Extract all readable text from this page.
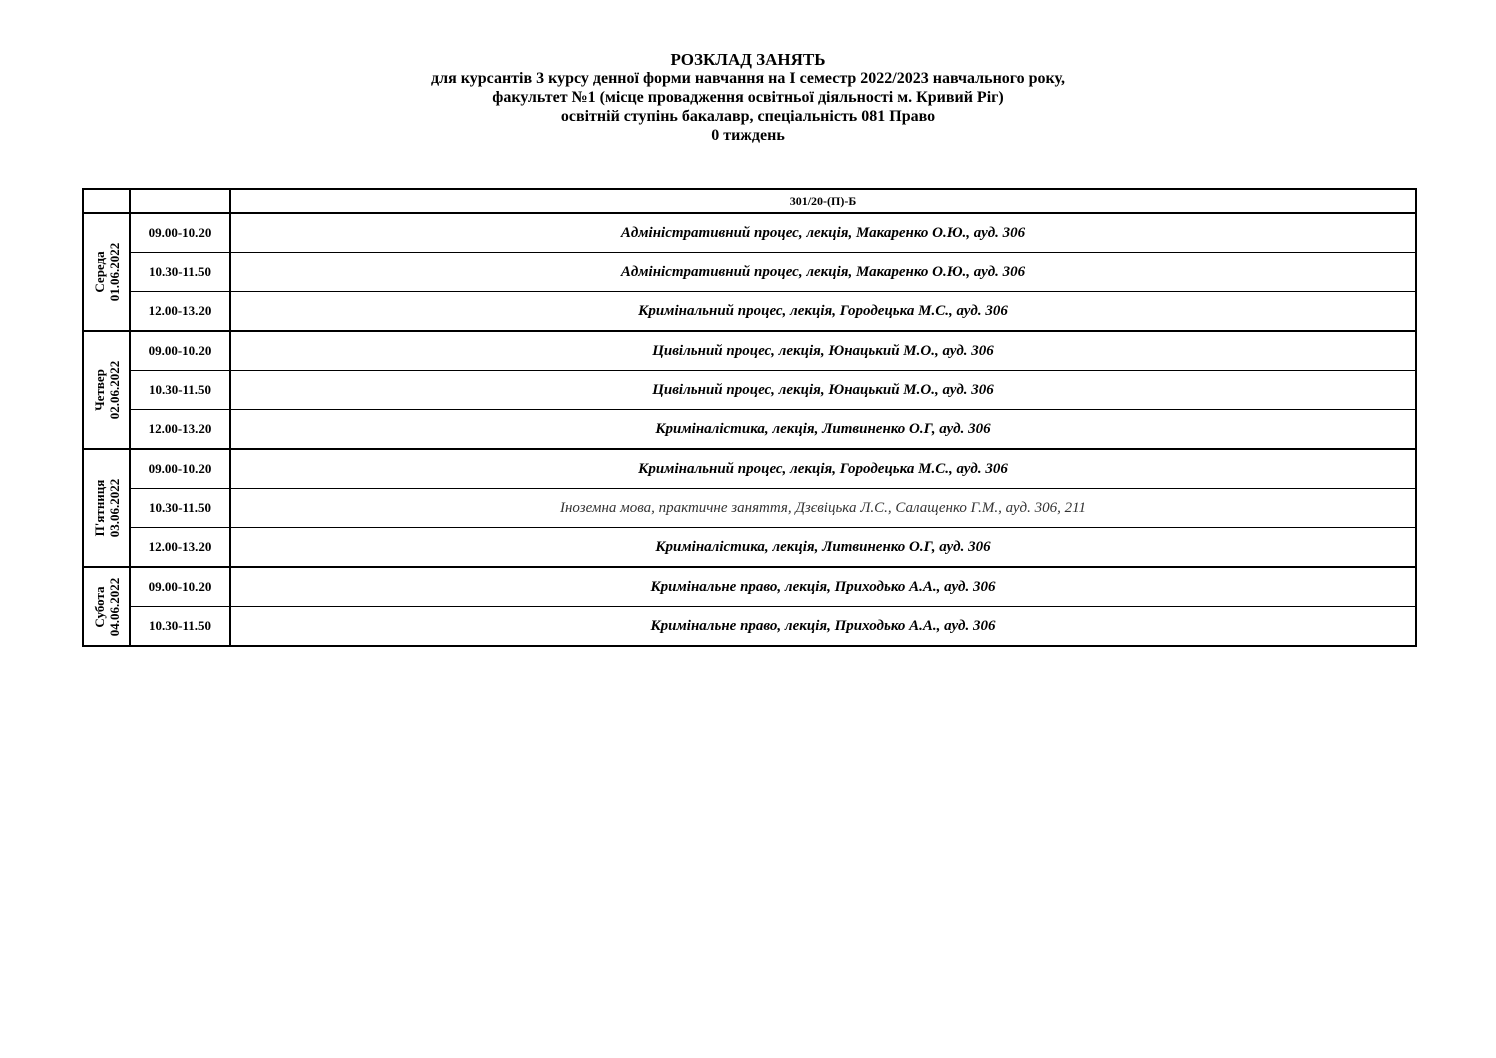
РОЗКЛАД ЗАНЯТЬ
для курсантів 3 курсу денної форми навчання на І семестр 2022/2023 навчального року,
факультет №1 (місце провадження освітньої діяльності м. Кривий Ріг)
освітній ступінь бакалавр, спеціальність 081 Право
0 тиждень
		301/20-(П)-Б

Середа 01.06.2022	09.00-10.20	Адміністративний процес, лекція, Макаренко О.Ю., ауд. 306
	10.30-11.50	Адміністративний процес, лекція, Макаренко О.Ю., ауд. 306
	12.00-13.20	Кримінальний процес, лекція, Городецька М.С., ауд. 306

Четвер 02.06.2022	09.00-10.20	Цивільний процес, лекція, Юнацький М.О., ауд. 306
	10.30-11.50	Цивільний процес, лекція, Юнацький М.О., ауд. 306
	12.00-13.20	Криміналістика, лекція, Литвиненко О.Г, ауд. 306

П'ятниця 03.06.2022	09.00-10.20	Кримінальний процес, лекція, Городецька М.С., ауд. 306
	10.30-11.50	Іноземна мова, практичне заняття, Дзєвіцька Л.С., Салащенко Г.М., ауд. 306, 211
	12.00-13.20	Криміналістика, лекція, Литвиненко О.Г, ауд. 306

Субота 04.06.2022	09.00-10.20	Кримінальне право, лекція, Приходько А.А., ауд. 306
	10.30-11.50	Кримінальне право, лекція, Приходько А.А., ауд. 306
